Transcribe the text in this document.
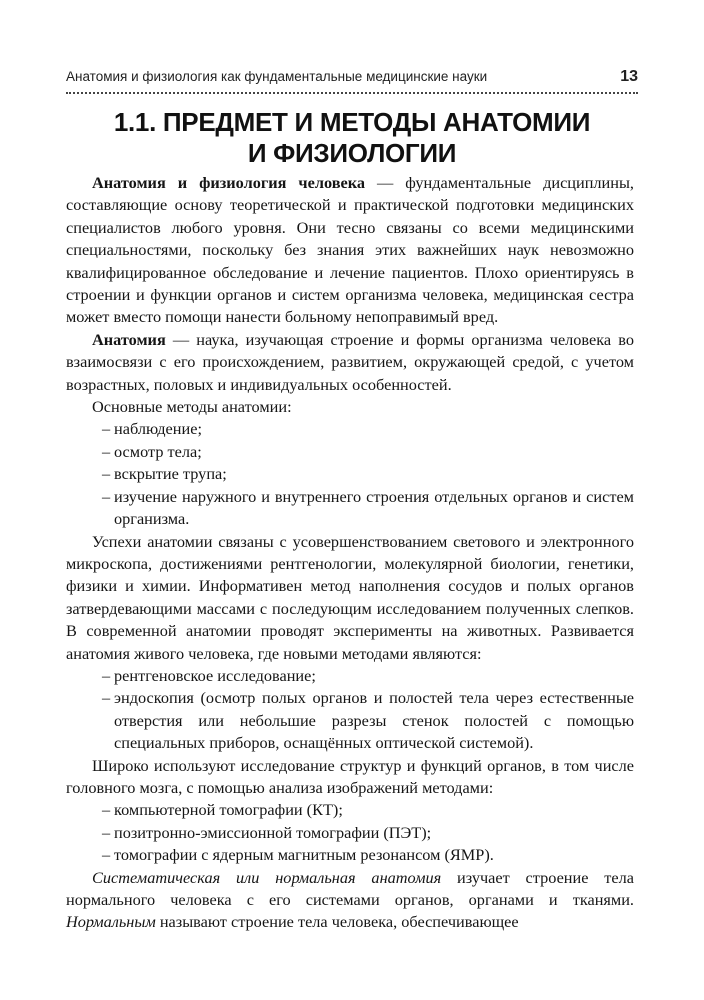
Анатомия и физиология как фундаментальные медицинские науки	13
1.1. ПРЕДМЕТ И МЕТОДЫ АНАТОМИИ
И ФИЗИОЛОГИИ

Анатомия и физиология человека — фундаментальные дисциплины, составляющие основу теоретической и практической подготовки медицинских специалистов любого уровня. Они тесно связаны со всеми медицинскими специальностями, поскольку без знания этих важнейших наук невозможно квалифицированное обследование и лечение пациентов. Плохо ориентируясь в строении и функции органов и систем организма человека, медицинская сестра может вместо помощи нанести больному непоправимый вред.

Анатомия — наука, изучающая строение и формы организма человека во взаимосвязи с его происхождением, развитием, окружающей средой, с учетом возрастных, половых и индивидуальных особенностей.

Основные методы анатомии:

– наблюдение;
– осмотр тела;
– вскрытие трупа;
– изучение наружного и внутреннего строения отдельных органов и систем организма.

Успехи анатомии связаны с усовершенствованием светового и электронного микроскопа, достижениями рентгенологии, молекулярной биологии, генетики, физики и химии. Информативен метод наполнения сосудов и полых органов затвердевающими массами с последующим исследованием полученных слепков. В современной анатомии проводят эксперименты на животных. Развивается анатомия живого человека, где новыми методами являются:

– рентгеновское исследование;
– эндоскопия (осмотр полых органов и полостей тела через естественные отверстия или небольшие разрезы стенок полостей с помощью специальных приборов, оснащённых оптической системой).

Широко используют исследование структур и функций органов, в том числе головного мозга, с помощью анализа изображений методами:

– компьютерной томографии (КТ);
– позитронно-эмиссионной томографии (ПЭТ);
– томографии с ядерным магнитным резонансом (ЯМР).

Систематическая или нормальная анатомия изучает строение тела нормального человека с его системами органов, органами и тканями. Нормальным называют строение тела человека, обеспечивающее
